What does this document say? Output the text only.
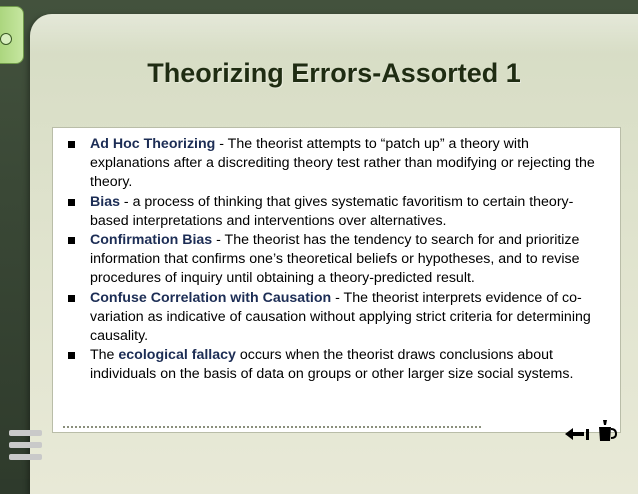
Theorizing Errors-Assorted 1
Ad Hoc Theorizing - The theorist attempts to “patch up” a theory with explanations after a discrediting theory test rather than modifying or rejecting the theory.
Bias - a process of thinking that gives systematic favoritism to certain theory-based interpretations and interventions over alternatives.
Confirmation Bias - The theorist has the tendency to search for and prioritize information that confirms one’s theoretical beliefs or hypotheses, and to revise procedures of inquiry until obtaining a theory-predicted result.
Confuse Correlation with Causation - The theorist interprets evidence of co-variation as indicative of causation without applying strict criteria for determining causality.
The ecological fallacy occurs when the theorist draws conclusions about individuals on the basis of data on groups or other larger size social systems.
